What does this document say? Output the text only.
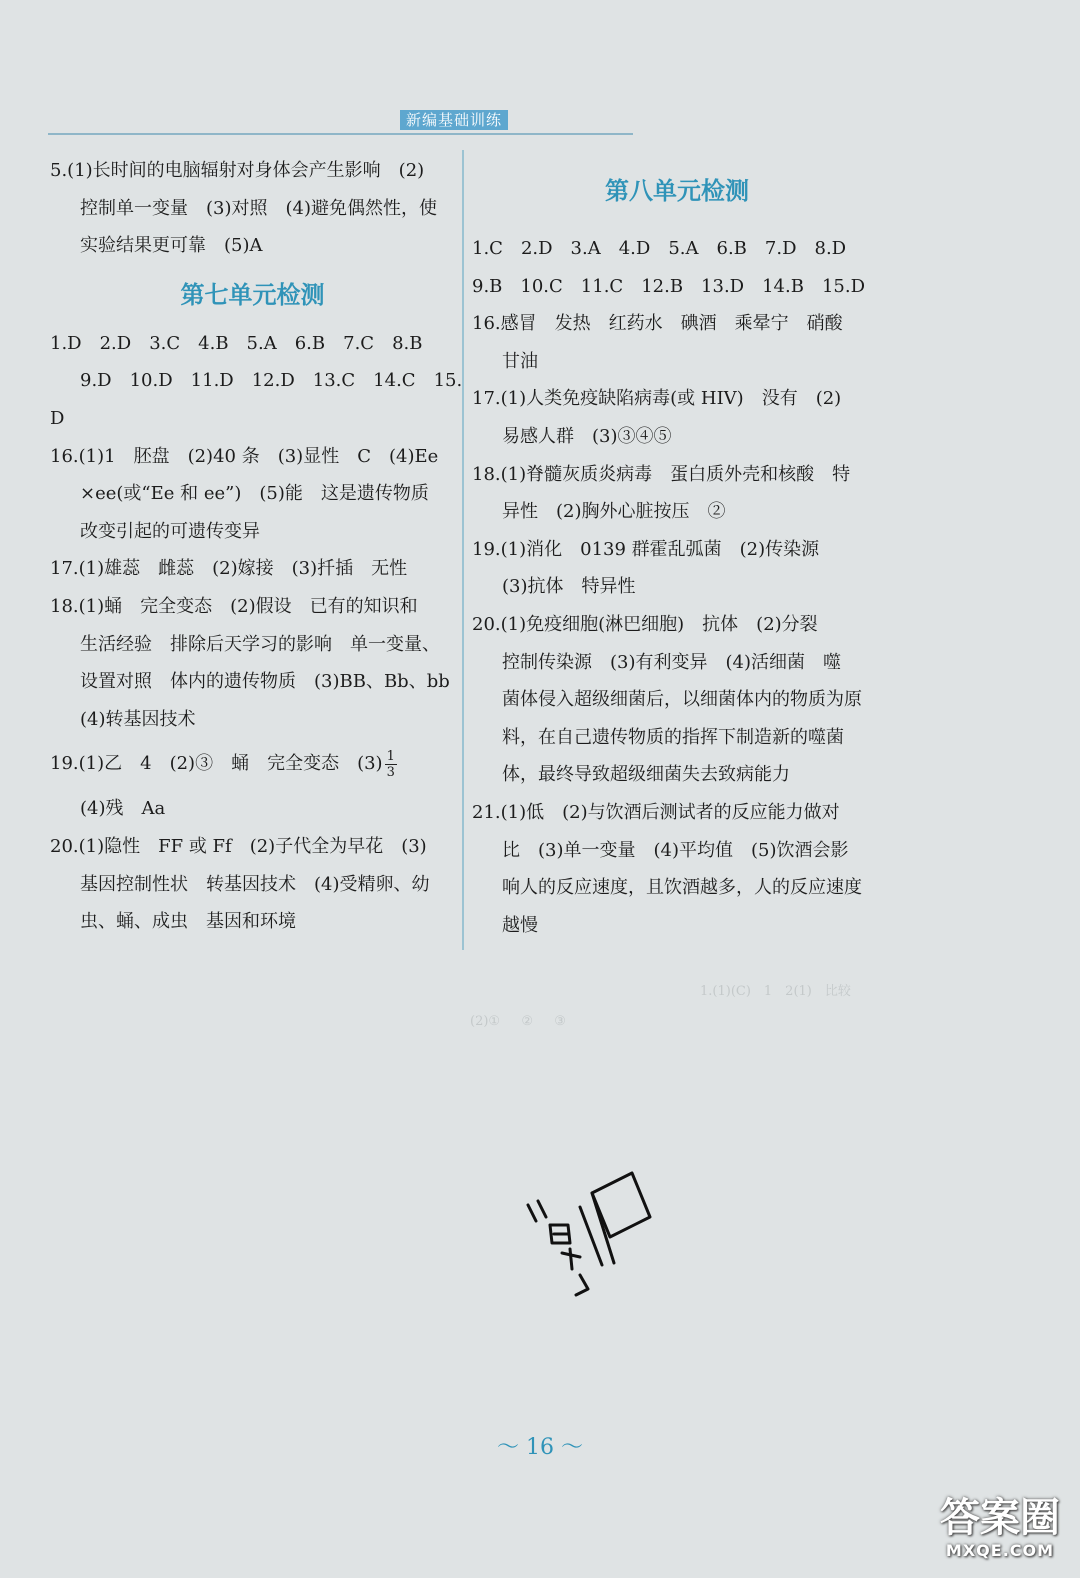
1.(1)(C)　1　2(1)　比较
(2)① 　 ② 　 ③

新编基础训练
5.(1)长时间的电脑辐射对身体会产生影响　(2)
控制单一变量　(3)对照　(4)避免偶然性，使
实验结果更可靠　(5)A
第七单元检测
1.D　2.D　3.C　4.B　5.A　6.B　7.C　8.B
9.D　10.D　11.D　12.D　13.C　14.C　15.
D
16.(1)1　胚盘　(2)40 条　(3)显性　C　(4)Ee
×ee(或“Ee 和 ee”)　(5)能　这是遗传物质
改变引起的可遗传变异
17.(1)雄蕊　雌蕊　(2)嫁接　(3)扦插　无性
18.(1)蛹　完全变态　(2)假设　已有的知识和
生活经验　排除后天学习的影响　单一变量、
设置对照　体内的遗传物质　(3)BB、Bb、bb
(4)转基因技术
19.(1)乙　4　(2)③　蛹　完全变态　$(3) \frac{1}{3}$
(4)残　Aa
20.(1)隐性　FF 或 Ff　(2)子代全为早花　(3)
基因控制性状　转基因技术　(4)受精卵、幼
虫、蛹、成虫　基因和环境
第八单元检测
1.C　2.D　3.A　4.D　5.A　6.B　7.D　8.D
9.B　10.C　11.C　12.B　13.D　14.B　15.D
16.感冒　发热　红药水　碘酒　乘晕宁　硝酸
甘油
17.(1)人类免疫缺陷病毒(或 HIV)　没有　(2)
易感人群　(3)③④⑤
18.(1)脊髓灰质炎病毒　蛋白质外壳和核酸　特
异性　(2)胸外心脏按压　②
19.(1)消化　0139 群霍乱弧菌　(2)传染源
(3)抗体　特异性
20.(1)免疫细胞(淋巴细胞)　抗体　(2)分裂
控制传染源　(3)有利变异　(4)活细菌　噬
菌体侵入超级细菌后，以细菌体内的物质为原
料，在自己遗传物质的指挥下制造新的噬菌
体，最终导致超级细菌失去致病能力
21.(1)低　(2)与饮酒后测试者的反应能力做对
比　(3)单一变量　(4)平均值　(5)饮酒会影
响人的反应速度，且饮酒越多，人的反应速度
越慢
～ 16 ～
答案圈
MXQE.COM
